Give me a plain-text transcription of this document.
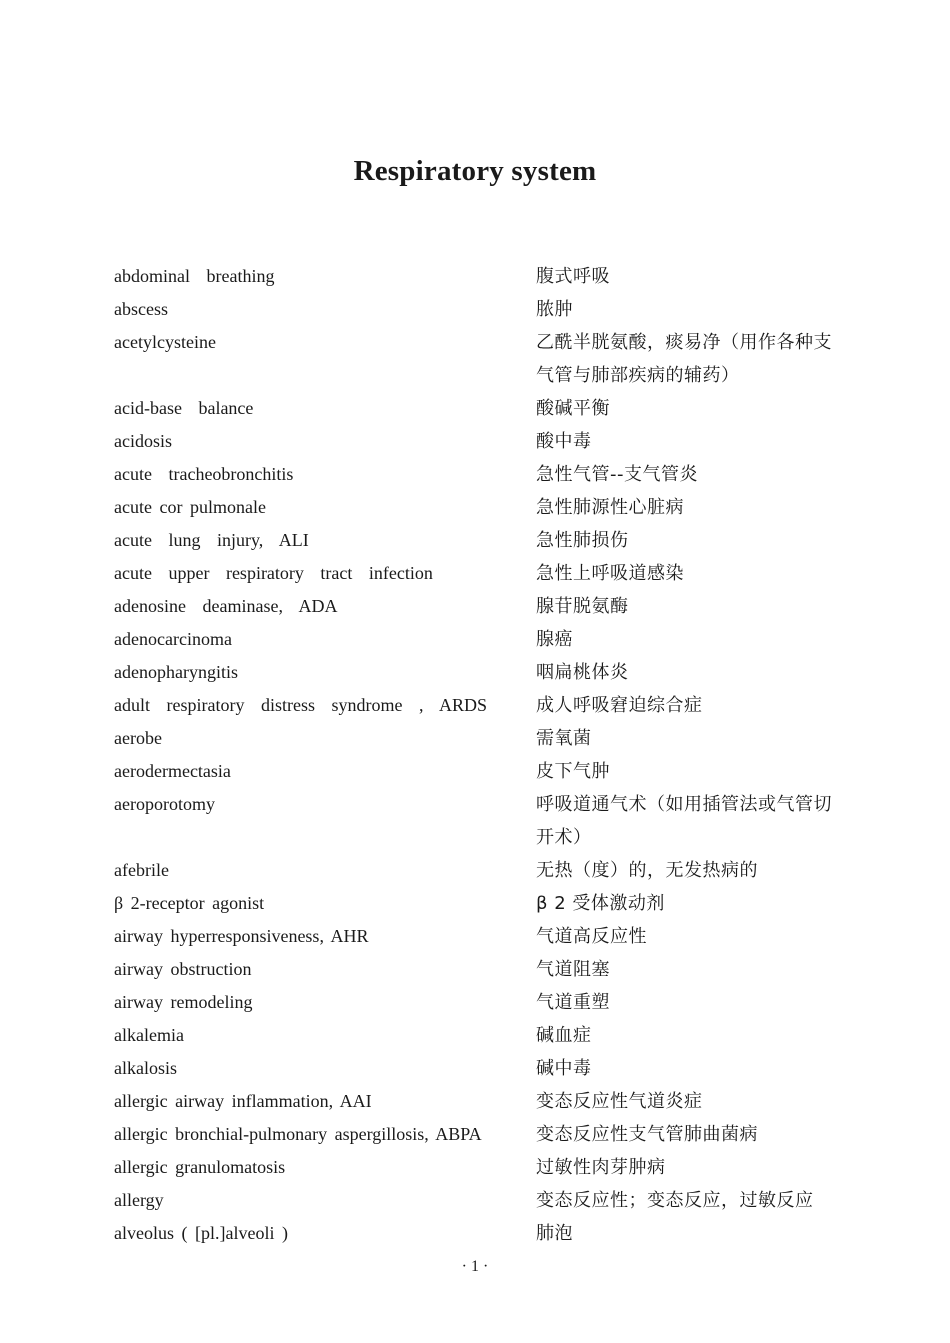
Respiratory system
abdominal breathing	腹式呼吸
abscess	脓肿
acetylcysteine	乙酰半胱氨酸，痰易净（用作各种支气管与肺部疾病的辅药）
acid-base balance	酸碱平衡
acidosis	酸中毒
acute tracheobronchitis	急性气管--支气管炎
acute cor pulmonale	急性肺源性心脏病
acute lung injury, ALI	急性肺损伤
acute upper respiratory tract infection	急性上呼吸道感染
adenosine deaminase, ADA	腺苷脱氨酶
adenocarcinoma	腺癌
adenopharyngitis	咽扁桃体炎
adult respiratory distress syndrome , ARDS	成人呼吸窘迫综合症
aerobe	需氧菌
aerodermectasia	皮下气肿
aeroporotomy	呼吸道通气术（如用插管法或气管切开术）
afebrile	无热（度）的，无发热病的
β 2-receptor agonist	β 2 受体激动剂
airway hyperresponsiveness, AHR	气道高反应性
airway obstruction	气道阻塞
airway remodeling	气道重塑
alkalemia	碱血症
alkalosis	碱中毒
allergic airway inflammation, AAI	变态反应性气道炎症
allergic bronchial-pulmonary aspergillosis, ABPA	变态反应性支气管肺曲菌病
allergic granulomatosis	过敏性肉芽肿病
allergy	变态反应性；变态反应，过敏反应
alveolus ( [pl.]alveoli )	肺泡
· 1 ·
